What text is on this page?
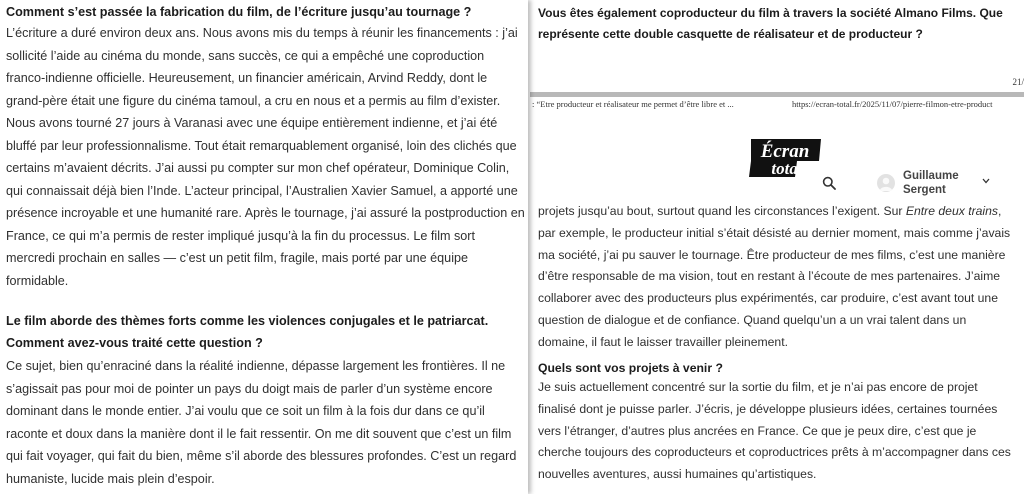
Comment s’est passée la fabrication du film, de l’écriture jusqu’au tournage ?

L’écriture a duré environ deux ans. Nous avons mis du temps à réunir les financements : j’ai sollicité l’aide au cinéma du monde, sans succès, ce qui a empêché une coproduction franco-indienne officielle. Heureusement, un financier américain, Arvind Reddy, dont le grand-père était une figure du cinéma tamoul, a cru en nous et a permis au film d’exister. Nous avons tourné 27 jours à Varanasi avec une équipe entièrement indienne, et j’ai été bluffé par leur professionnalisme. Tout était remarquablement organisé, loin des clichés que certains m’avaient décrits. J’ai aussi pu compter sur mon chef opérateur, Dominique Colin, qui connaissait déjà bien l’Inde. L’acteur principal, l’Australien Xavier Samuel, a apporté une présence incroyable et une humanité rare. Après le tournage, j’ai assuré la postproduction en France, ce qui m’a permis de rester impliqué jusqu’à la fin du processus. Le film sort mercredi prochain en salles — c’est un petit film, fragile, mais porté par une équipe formidable.

Le film aborde des thèmes forts comme les violences conjugales et le patriarcat. Comment avez-vous traité cette question ?

Ce sujet, bien qu’enraciné dans la réalité indienne, dépasse largement les frontières. Il ne s’agissait pas pour moi de pointer un pays du doigt mais de parler d’un système encore dominant dans le monde entier. J’ai voulu que ce soit un film à la fois dur dans ce qu’il raconte et doux dans la manière dont il le fait ressentir. On me dit souvent que c’est un film qui fait voyager, qui fait du bien, même s’il aborde des blessures profondes. C’est un regard humaniste, lucide mais plein d’espoir.

Vous êtes également coproducteur du film à travers la société Almano Films. Que représente cette double casquette de réalisateur et de producteur ?

21/
: “Etre producteur et réalisateur me permet d’être libre et ...	https://ecran-total.fr/2025/11/07/pierre-filmon-etre-product
Écran
total	Guillaume Sergent

projets jusqu’au bout, surtout quand les circonstances l’exigent. Sur Entre deux trains, par exemple, le producteur initial s’était désisté au dernier moment, mais comme j’avais ma société, j’ai pu sauver le tournage. Être producteur de mes films, c’est une manière d’être responsable de ma vision, tout en restant à l’écoute de mes partenaires. J’aime collaborer avec des producteurs plus expérimentés, car produire, c’est avant tout une question de dialogue et de confiance. Quand quelqu’un a un vrai talent dans un domaine, il faut le laisser travailler pleinement.

Quels sont vos projets à venir ?

Je suis actuellement concentré sur la sortie du film, et je n’ai pas encore de projet finalisé dont je puisse parler. J’écris, je développe plusieurs idées, certaines tournées vers l’étranger, d’autres plus ancrées en France. Ce que je peux dire, c’est que je cherche toujours des coproducteurs et coproductrices prêts à m’accompagner dans ces nouvelles aventures, aussi humaines qu’artistiques.
